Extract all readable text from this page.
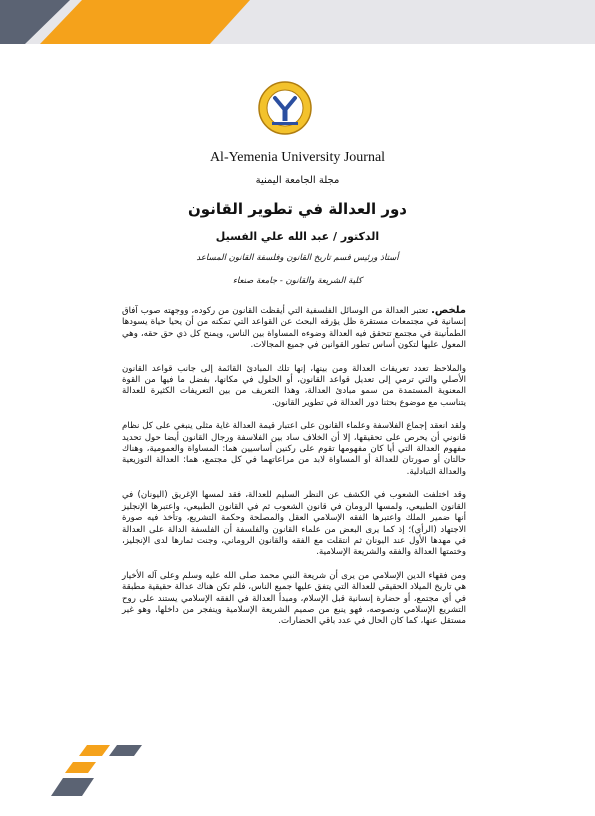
Al-Yemenia University Journal
مجلة الجامعة اليمنية
دور العدالة في تطوير القانون
الدكتور / عبد الله علي الفسيل
أستاذ ورئيس قسم تاريخ القانون وفلسفة القانون المساعد
كلية الشريعة والقانون - جامعة صنعاء

ملخص. تعتبر العدالة من الوسائل الفلسفية التي أيقظت القانون من ركوده، ووجهته صوب آفاق إنسانية في مجتمعات مستقرة ظل يؤرقه البحث عن القواعد التي تمكنه من أن يحيا حياة يسودها الطمأنينة في مجتمع تتحقق فيه العدالة وضوءه المساواة بين الناس، ويمنح كل ذي حق حقه، وهي المعول عليها لتكون أساس تطور القوانين في جميع المجالات.

والملاحظ تعدد تعريفات العدالة ومن بينها، إنها تلك المبادئ القائمة إلى جانب قواعد القانون الأصلي والتي ترمي إلى تعديل قواعد القانون، أو الحلول في مكانها، بفضل ما فيها من القوة المعنوية المستمدة من سمو مبادئ العدالة، وهذا التعريف من بين التعريفات الكثيرة للعدالة يتناسب مع موضوع بحثنا دور العدالة في تطوير القانون.

ولقد انعقد إجماع الفلاسفة وعلماء القانون على اعتبار قيمة العدالة غاية مثلى ينبغي على كل نظام قانوني أن يحرص على تحقيقها، إلا أن الخلاف ساد بين الفلاسفة ورجال القانون أيضا حول تحديد مفهوم العدالة التي أيا كان مفهومها تقوم على ركنين أساسيين هما: المساواة والعمومية، وهناك حالتان أو صورتان للعدالة أو المساواة لابد من مراعاتهما في كل مجتمع، هما: العدالة التوزيعية والعدالة التبادلية.

وقد اختلفت الشعوب في الكشف عن النظر السليم للعدالة، فقد لمسها الإغريق (اليونان) في القانون الطبيعي، ولمسها الرومان في قانون الشعوب ثم في القانون الطبيعي، واعتبرها الإنجليز أنها ضمير الملك واعتبرها الفقه الإسلامي العقل والمصلحة وحكمة التشريع، وتأخذ فيه صورة الاجتهاد (الرأي)؛ إذ كما يرى البعض من علماء القانون والفلسفة أن الفلسفة الدالة على العدالة في مهدها الأول عند اليونان ثم انتقلت مع الفقه والقانون الروماني، وجنت ثمارها لدى الإنجليز، وختمتها العدالة والفقه والشريعة الإسلامية.

ومن فقهاء الدين الإسلامي من يرى أن شريعة النبي محمد صلى الله عليه وسلم وعلى آله الأخيار هي تاريخ الميلاد الحقيقي للعدالة التي يتفق عليها جميع الناس، فلم تكن هناك عدالة حقيقية مطبقة في أي مجتمع، أو حضارة إنسانية قبل الإسلام، ومبدأ العدالة في الفقه الإسلامي يستند على روح التشريع الإسلامي ونصوصه، فهو ينبع من صميم الشريعة الإسلامية وينفجر من داخلها، وهو غير مستقل عنها، كما كان الحال في عدد باقي الحضارات.
